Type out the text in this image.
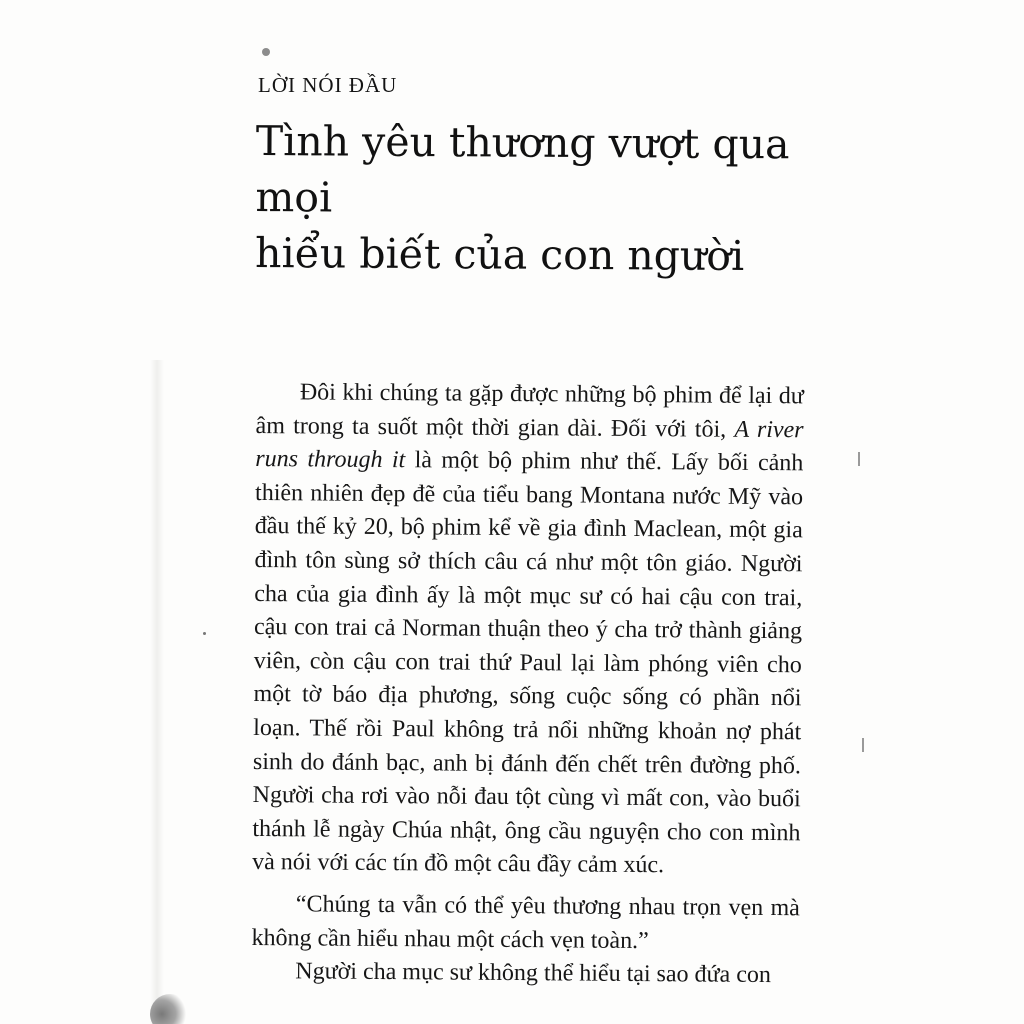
LỜI NÓI ĐẦU
Tình yêu thương vượt qua mọi
hiểu biết của con người

Đôi khi chúng ta gặp được những bộ phim để lại dư âm trong ta suốt một thời gian dài. Đối với tôi, A river runs through it là một bộ phim như thế. Lấy bối cảnh thiên nhiên đẹp đẽ của tiểu bang Montana nước Mỹ vào đầu thế kỷ 20, bộ phim kể về gia đình Maclean, một gia đình tôn sùng sở thích câu cá như một tôn giáo. Người cha của gia đình ấy là một mục sư có hai cậu con trai, cậu con trai cả Norman thuận theo ý cha trở thành giảng viên, còn cậu con trai thứ Paul lại làm phóng viên cho một tờ báo địa phương, sống cuộc sống có phần nổi loạn. Thế rồi Paul không trả nổi những khoản nợ phát sinh do đánh bạc, anh bị đánh đến chết trên đường phố. Người cha rơi vào nỗi đau tột cùng vì mất con, vào buổi thánh lễ ngày Chúa nhật, ông cầu nguyện cho con mình và nói với các tín đồ một câu đầy cảm xúc.

“Chúng ta vẫn có thể yêu thương nhau trọn vẹn mà không cần hiểu nhau một cách vẹn toàn.”

Người cha mục sư không thể hiểu tại sao đứa con
